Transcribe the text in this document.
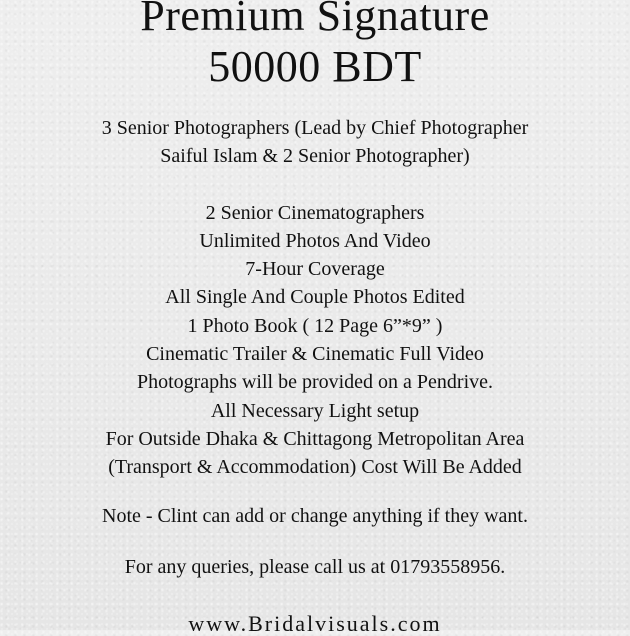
Premium Signature
50000 BDT
3 Senior Photographers (Lead by Chief Photographer
Saiful Islam & 2 Senior Photographer)
2 Senior Cinematographers
Unlimited Photos And Video
7-Hour Coverage
All Single And Couple Photos Edited
1 Photo Book ( 12 Page 6”*9” )
Cinematic Trailer & Cinematic Full Video
Photographs will be provided on a Pendrive.
All Necessary Light setup
For Outside Dhaka & Chittagong Metropolitan Area
(Transport & Accommodation) Cost Will Be Added
Note - Clint can add or change anything if they want.
For any queries, please call us at 01793558956.
www.Bridalvisuals.com
